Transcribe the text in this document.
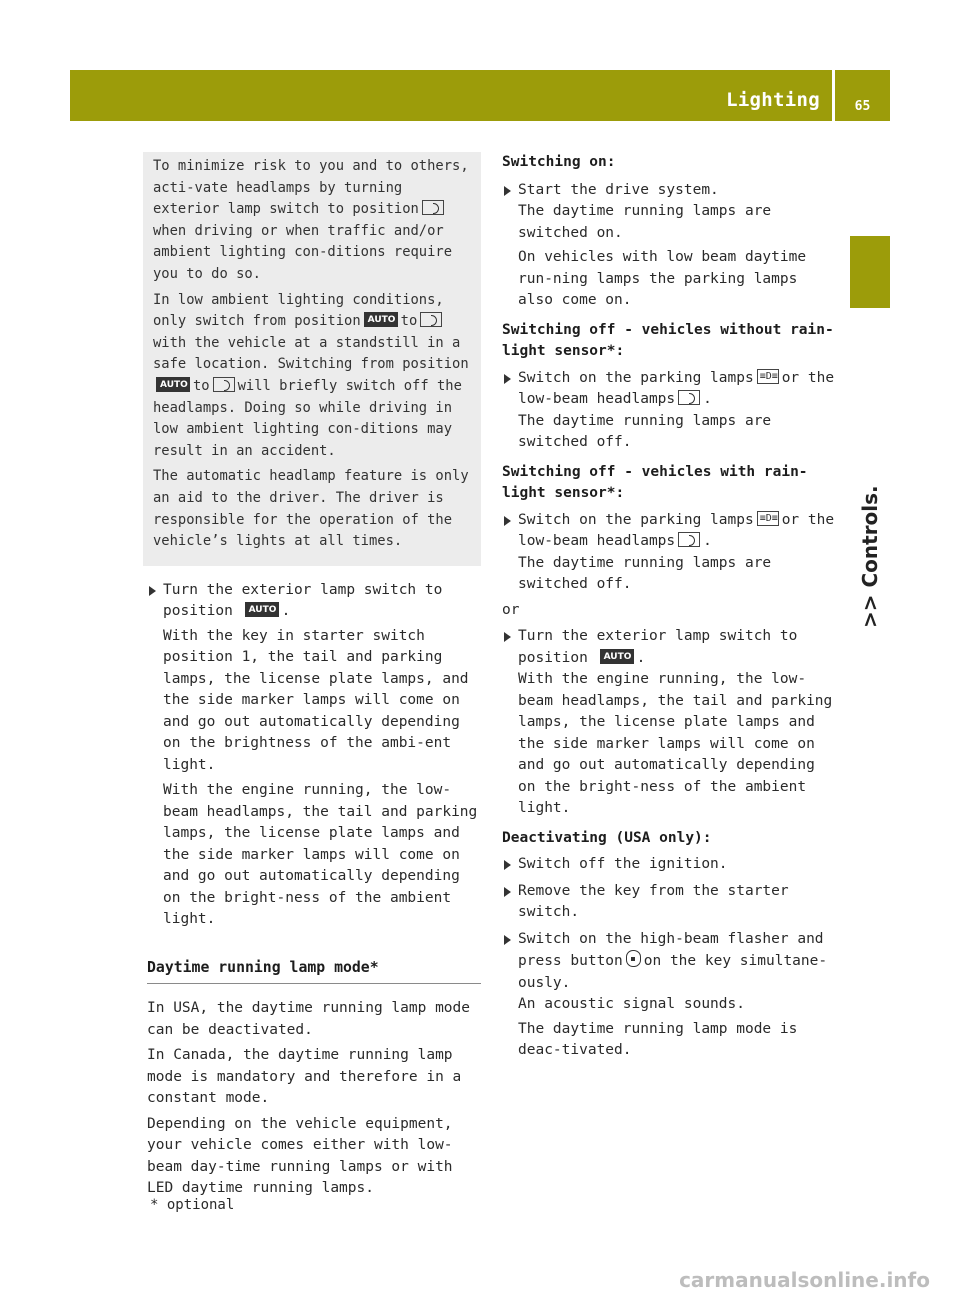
Lighting	65
>> Controls.

To minimize risk to you and to others, acti-vate headlamps by turning exterior lamp switch to positionwhen driving or when traffic and/or ambient lighting con-ditions require you to do so.

In low ambient lighting conditions, only switch from position AUTO	towith the vehicle at a standstill in a safe location. Switching from positionAUTOto will briefly switch off the headlamps. Doing so while driving in low ambient lighting con-ditions may result in an accident.

The automatic headlamp feature is only an aid to the driver. The driver is responsible for the operation of the vehicle’s lights at all times.

Turn the exterior lamp switch to position AUTO	.

With the key in starter switch position 1, the tail and parking lamps, the license plate lamps, and the side marker lamps will come on and go out automatically depending on the brightness of the ambi-ent light.

With the engine running, the low-beam headlamps, the tail and parking lamps, the license plate lamps and the side marker lamps will come on and go out automatically depending on the bright-ness of the ambient light.

Daytime running lamp mode*

In USA, the daytime running lamp mode can be deactivated.

In Canada, the daytime running lamp mode is mandatory and therefore in a constant mode.

Depending on the vehicle equipment, your vehicle comes either with low-beam day-time running lamps or with LED daytime running lamps.

Switching on:

Start the drive system.

The daytime running lamps are switched on.

On vehicles with low beam daytime run-ning lamps the parking lamps also come on.

Switching off - vehicles without rain-light sensor*:

Switch on the parking lamps ≡D≡ or the low-beam headlamps .

The daytime running lamps are switched off.

Switching off - vehicles with rain-light sensor*:

Switch on the parking lamps ≡D≡ or the low-beam headlamps .

The daytime running lamps are switched off.

or

Turn the exterior lamp switch to position AUTO	.

With the engine running, the low-beam headlamps, the tail and parking lamps, the license plate lamps and the side marker lamps will come on and go out automatically depending on the bright-ness of the ambient light.

Deactivating (USA only):

Switch off the ignition.
Remove the key from the starter switch.
Switch on the high-beam flasher and press button on the key simultane-ously.

An acoustic signal sounds.

The daytime running lamp mode is deac-tivated.

* optional
carmanualsonline.info
